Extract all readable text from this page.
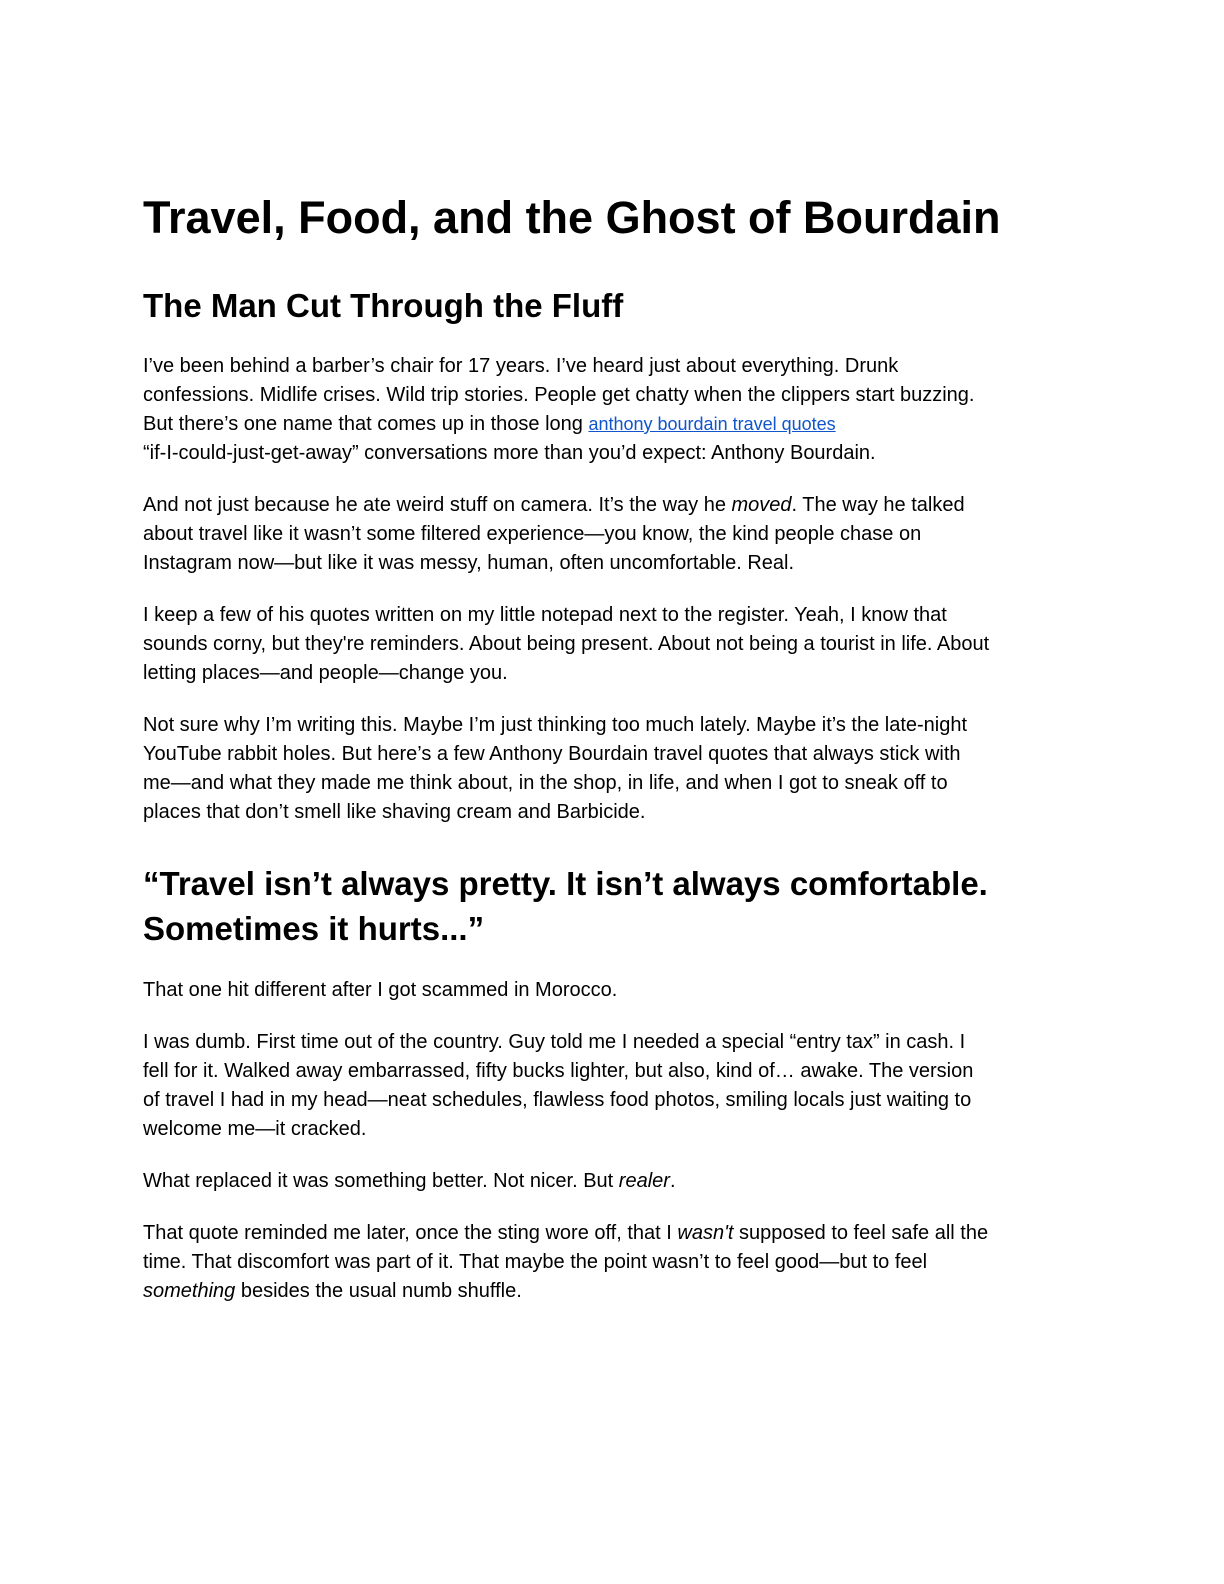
Travel, Food, and the Ghost of Bourdain
The Man Cut Through the Fluff

I’ve been behind a barber’s chair for 17 years. I’ve heard just about everything. Drunk
confessions. Midlife crises. Wild trip stories. People get chatty when the clippers start buzzing.
But there’s one name that comes up in those long anthony bourdain travel quotes
“if-I-could-just-get-away” conversations more than you’d expect: Anthony Bourdain.

And not just because he ate weird stuff on camera. It’s the way he moved. The way he talked
about travel like it wasn’t some filtered experience—you know, the kind people chase on
Instagram now—but like it was messy, human, often uncomfortable. Real.

I keep a few of his quotes written on my little notepad next to the register. Yeah, I know that
sounds corny, but they're reminders. About being present. About not being a tourist in life. About
letting places—and people—change you.

Not sure why I’m writing this. Maybe I’m just thinking too much lately. Maybe it’s the late-night
YouTube rabbit holes. But here’s a few Anthony Bourdain travel quotes that always stick with
me—and what they made me think about, in the shop, in life, and when I got to sneak off to
places that don’t smell like shaving cream and Barbicide.

“Travel isn’t always pretty. It isn’t always comfortable.
Sometimes it hurts...”

That one hit different after I got scammed in Morocco.

I was dumb. First time out of the country. Guy told me I needed a special “entry tax” in cash. I
fell for it. Walked away embarrassed, fifty bucks lighter, but also, kind of… awake. The version
of travel I had in my head—neat schedules, flawless food photos, smiling locals just waiting to
welcome me—it cracked.

What replaced it was something better. Not nicer. But realer.

That quote reminded me later, once the sting wore off, that I wasn't supposed to feel safe all the
time. That discomfort was part of it. That maybe the point wasn’t to feel good—but to feel
something besides the usual numb shuffle.
